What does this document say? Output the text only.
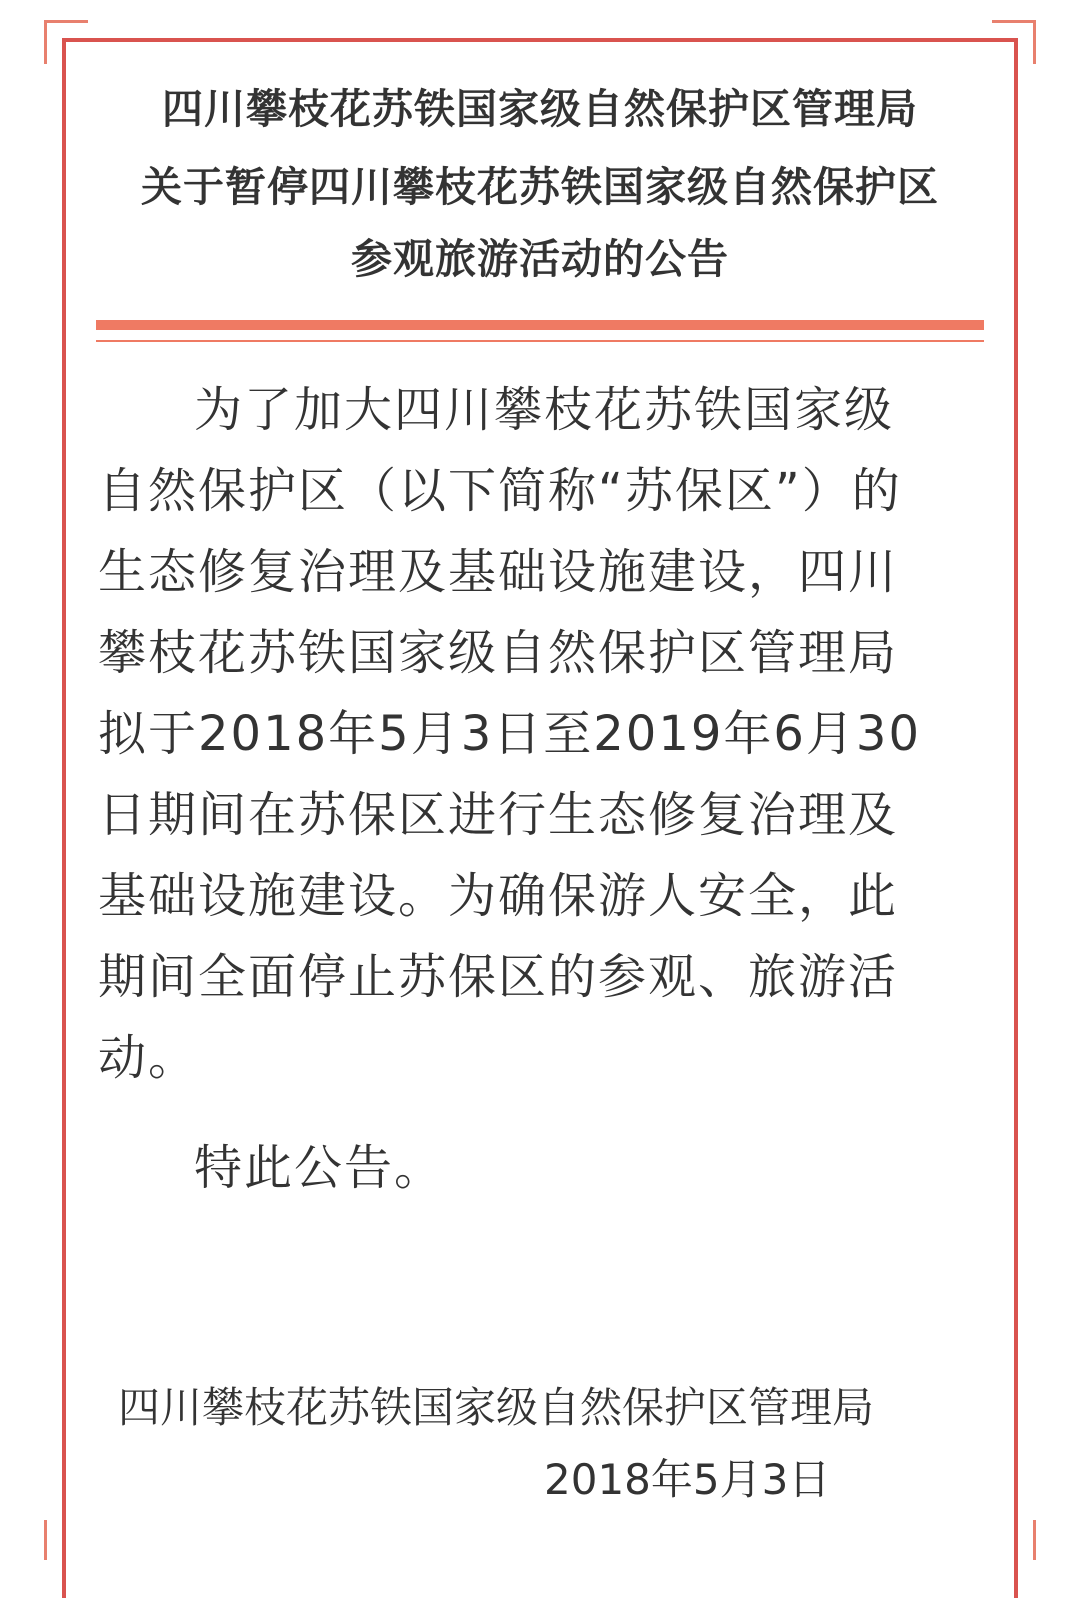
四川攀枝花苏铁国家级自然保护区管理局
关于暂停四川攀枝花苏铁国家级自然保护区
参观旅游活动的公告
为了加大四川攀枝花苏铁国家级
自然保护区（以下简称“苏保区”）的
生态修复治理及基础设施建设，四川
攀枝花苏铁国家级自然保护区管理局
拟于2018年5月3日至2019年6月30
日期间在苏保区进行生态修复治理及
基础设施建设。为确保游人安全，此
期间全面停止苏保区的参观、旅游活
动。
特此公告。
四川攀枝花苏铁国家级自然保护区管理局
2018年5月3日
